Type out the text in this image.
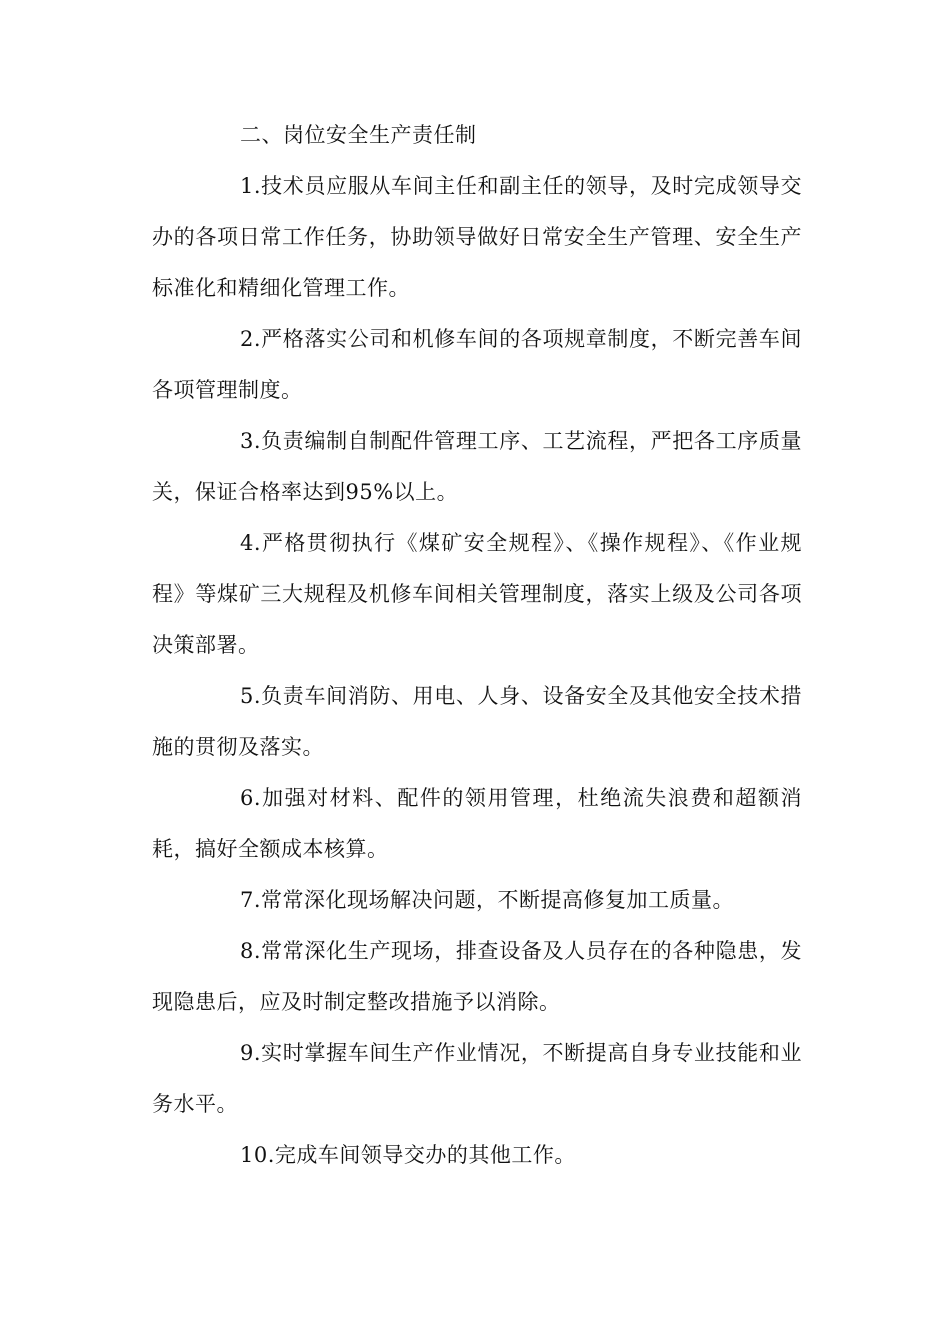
二、岗位安全生产责任制

1.技术员应服从车间主任和副主任的领导，及时完成领导交办的各项日常工作任务，协助领导做好日常安全生产管理、安全生产标准化和精细化管理工作。

2.严格落实公司和机修车间的各项规章制度，不断完善车间各项管理制度。

3.负责编制自制配件管理工序、工艺流程，严把各工序质量关，保证合格率达到95%以上。

4.严格贯彻执行《煤矿安全规程》、《操作规程》、《作业规程》等煤矿三大规程及机修车间相关管理制度，落实上级及公司各项决策部署。

5.负责车间消防、用电、人身、设备安全及其他安全技术措施的贯彻及落实。

6.加强对材料、配件的领用管理，杜绝流失浪费和超额消耗，搞好全额成本核算。

7.常常深化现场解决问题，不断提高修复加工质量。

8.常常深化生产现场，排查设备及人员存在的各种隐患，发现隐患后，应及时制定整改措施予以消除。

9.实时掌握车间生产作业情况，不断提高自身专业技能和业务水平。

10.完成车间领导交办的其他工作。
